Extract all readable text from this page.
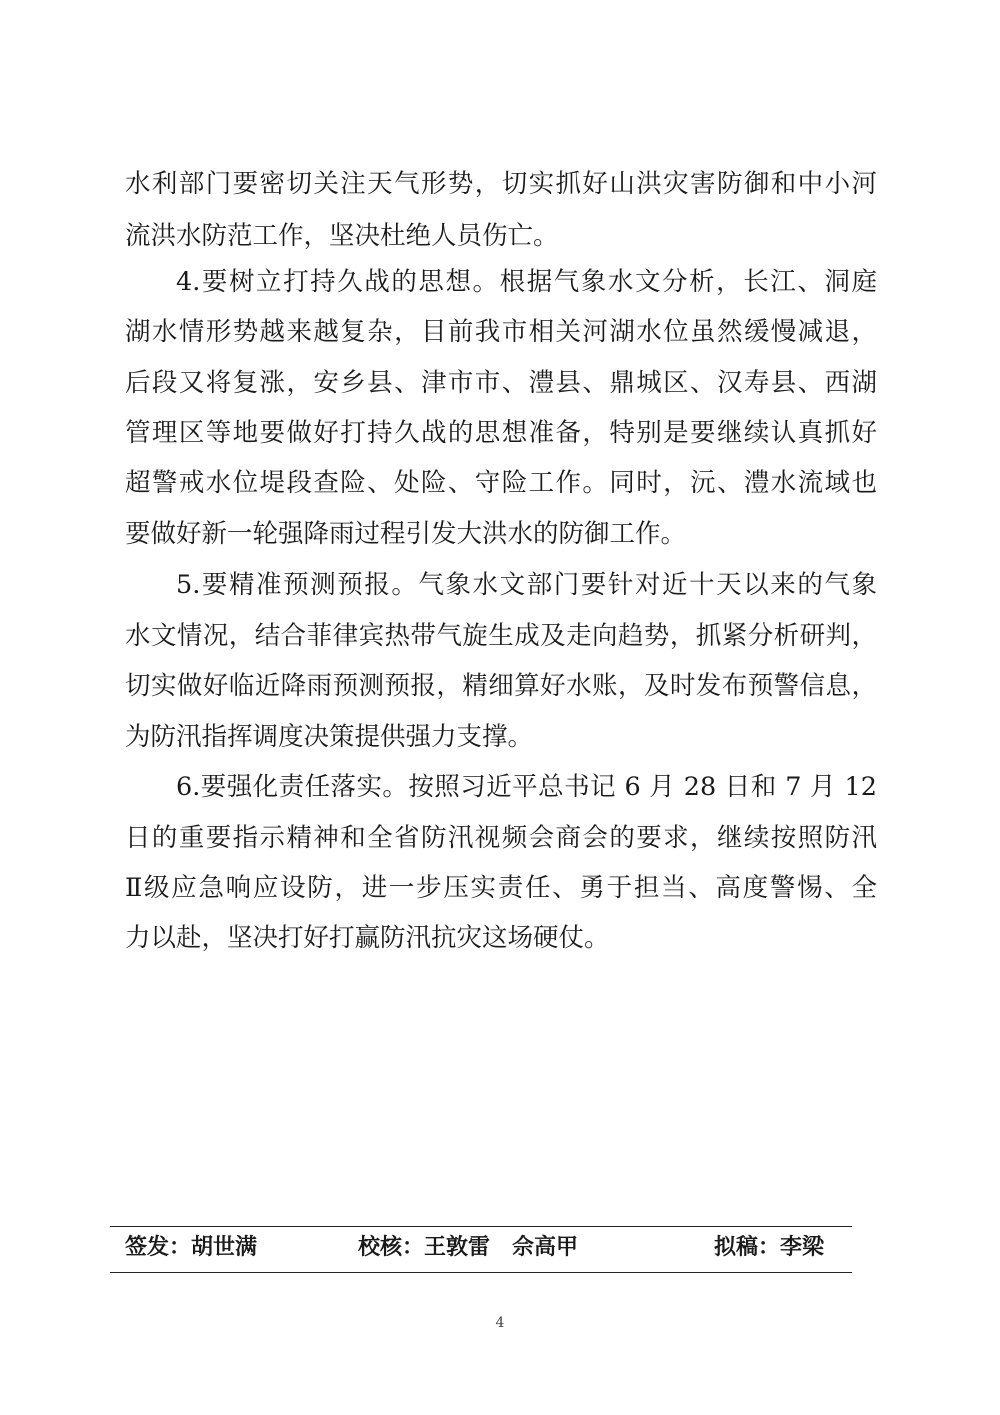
水利部门要密切关注天气形势，切实抓好山洪灾害防御和中小河
流洪水防范工作，坚决杜绝人员伤亡。
4.要树立打持久战的思想。根据气象水文分析，长江、洞庭
湖水情形势越来越复杂，目前我市相关河湖水位虽然缓慢减退，
后段又将复涨，安乡县、津市市、澧县、鼎城区、汉寿县、西湖
管理区等地要做好打持久战的思想准备，特别是要继续认真抓好
超警戒水位堤段查险、处险、守险工作。同时，沅、澧水流域也
要做好新一轮强降雨过程引发大洪水的防御工作。
5.要精准预测预报。气象水文部门要针对近十天以来的气象
水文情况，结合菲律宾热带气旋生成及走向趋势，抓紧分析研判，
切实做好临近降雨预测预报，精细算好水账，及时发布预警信息，
为防汛指挥调度决策提供强力支撑。
6.要强化责任落实。按照习近平总书记 6 月 28 日和 7 月 12
日的重要指示精神和全省防汛视频会商会的要求，继续按照防汛
Ⅱ级应急响应设防，进一步压实责任、勇于担当、高度警惕、全
力以赴，坚决打好打赢防汛抗灾这场硬仗。
签发：胡世满	校核：王敦雷　佘高甲	拟稿：李梁
4
